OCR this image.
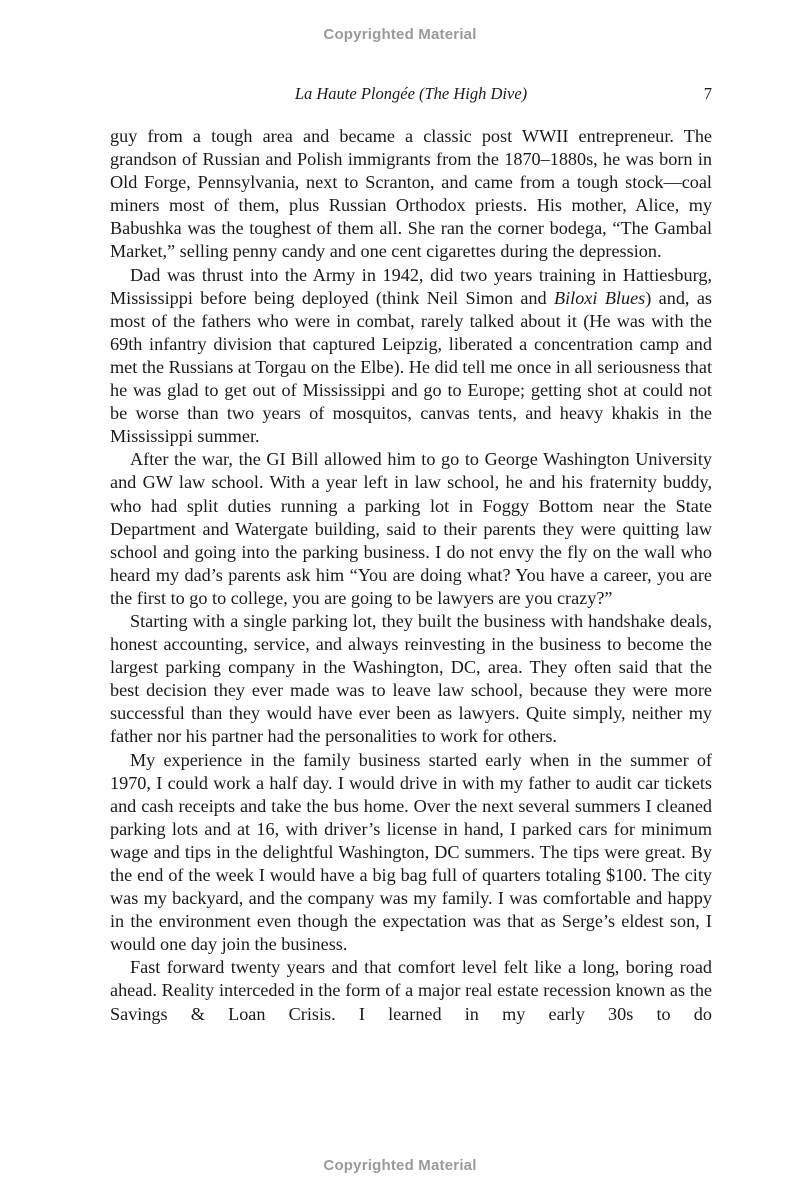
Copyrighted Material
La Haute Plongée (The High Dive)	7

guy from a tough area and became a classic post WWII entrepreneur. The grandson of Russian and Polish immigrants from the 1870–1880s, he was born in Old Forge, Pennsylvania, next to Scranton, and came from a tough stock—coal miners most of them, plus Russian Orthodox priests. His mother, Alice, my Babushka was the toughest of them all. She ran the corner bodega, “The Gambal Market,” selling penny candy and one cent cigarettes during the depression.

Dad was thrust into the Army in 1942, did two years training in Hattiesburg, Mississippi before being deployed (think Neil Simon and Biloxi Blues) and, as most of the fathers who were in combat, rarely talked about it (He was with the 69th infantry division that captured Leipzig, liberated a concentration camp and met the Russians at Torgau on the Elbe). He did tell me once in all seriousness that he was glad to get out of Mississippi and go to Europe; getting shot at could not be worse than two years of mosquitos, canvas tents, and heavy khakis in the Mississippi summer.

After the war, the GI Bill allowed him to go to George Washington University and GW law school. With a year left in law school, he and his fraternity buddy, who had split duties running a parking lot in Foggy Bottom near the State Department and Watergate building, said to their parents they were quitting law school and going into the parking business. I do not envy the fly on the wall who heard my dad’s parents ask him “You are doing what? You have a career, you are the first to go to college, you are going to be lawyers are you crazy?”

Starting with a single parking lot, they built the business with handshake deals, honest accounting, service, and always reinvesting in the business to become the largest parking company in the Washington, DC, area. They often said that the best decision they ever made was to leave law school, because they were more successful than they would have ever been as lawyers. Quite simply, neither my father nor his partner had the personalities to work for others.

My experience in the family business started early when in the summer of 1970, I could work a half day. I would drive in with my father to audit car tickets and cash receipts and take the bus home. Over the next several summers I cleaned parking lots and at 16, with driver’s license in hand, I parked cars for minimum wage and tips in the delightful Washington, DC summers. The tips were great. By the end of the week I would have a big bag full of quarters totaling $100. The city was my backyard, and the company was my family. I was comfortable and happy in the environment even though the expectation was that as Serge’s eldest son, I would one day join the business.

Fast forward twenty years and that comfort level felt like a long, boring road ahead. Reality interceded in the form of a major real estate recession known as the Savings & Loan Crisis. I learned in my early 30s to do

Copyrighted Material
